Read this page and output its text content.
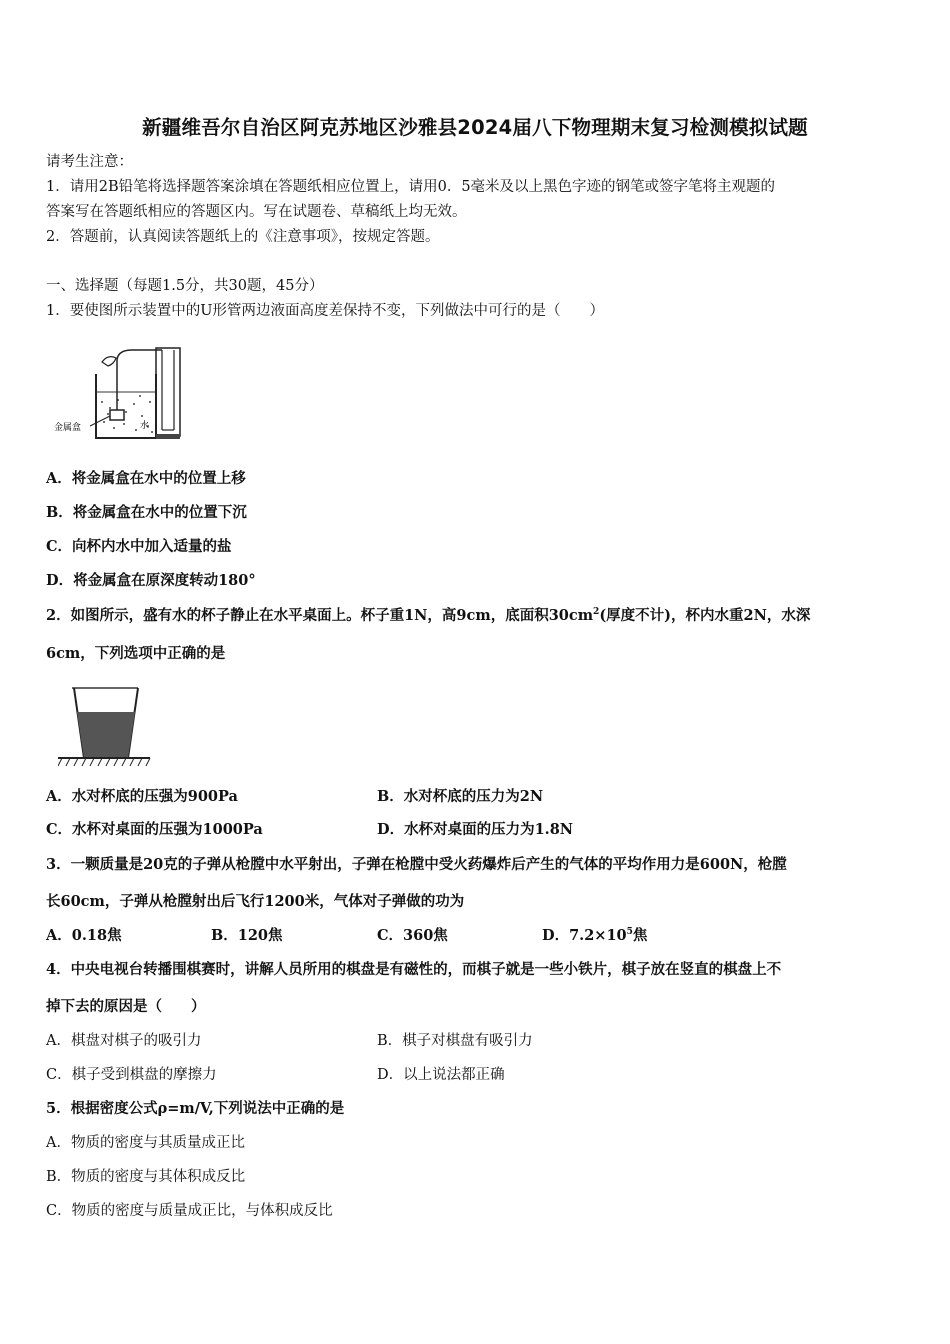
新疆维吾尔自治区阿克苏地区沙雅县2024届八下物理期末复习检测模拟试题
请考生注意：
1．请用2B铅笔将选择题答案涂填在答题纸相应位置上，请用0．5毫米及以上黑色字迹的钢笔或签字笔将主观题的
答案写在答题纸相应的答题区内。写在试题卷、草稿纸上均无效。
2．答题前，认真阅读答题纸上的《注意事项》，按规定答题。
一、选择题（每题1.5分，共30题，45分）
1．要使图所示装置中的U形管两边液面高度差保持不变，下列做法中可行的是（　　）
金属盒	水
A．将金属盒在水中的位置上移
B．将金属盒在水中的位置下沉
C．向杯内水中加入适量的盐
D．将金属盒在原深度转动180°
2．如图所示，盛有水的杯子静止在水平桌面上。杯子重1N，高9cm，底面积$30cm^2$(厚度不计)，杯内水重2N，水深
6cm，下列选项中正确的是
A．水对杯底的压强为900Pa	B．水对杯底的压力为2N
C．水杯对桌面的压强为1000Pa	D．水杯对桌面的压力为1.8N
3．一颗质量是20克的子弹从枪膛中水平射出，子弹在枪膛中受火药爆炸后产生的气体的平均作用力是600N，枪膛
长60cm，子弹从枪膛射出后飞行1200米，气体对子弹做的功为
A．0.18焦	B．120焦	C．360焦	D．$7.2\times 10^5$焦
4．中央电视台转播围棋赛时，讲解人员所用的棋盘是有磁性的，而棋子就是一些小铁片，棋子放在竖直的棋盘上不
掉下去的原因是（　　）
A．棋盘对棋子的吸引力	B．棋子对棋盘有吸引力
C．棋子受到棋盘的摩擦力	D．以上说法都正确
5．根据密度公式ρ=m/V,下列说法中正确的是
A．物质的密度与其质量成正比
B．物质的密度与其体积成反比
C．物质的密度与质量成正比，与体积成反比
